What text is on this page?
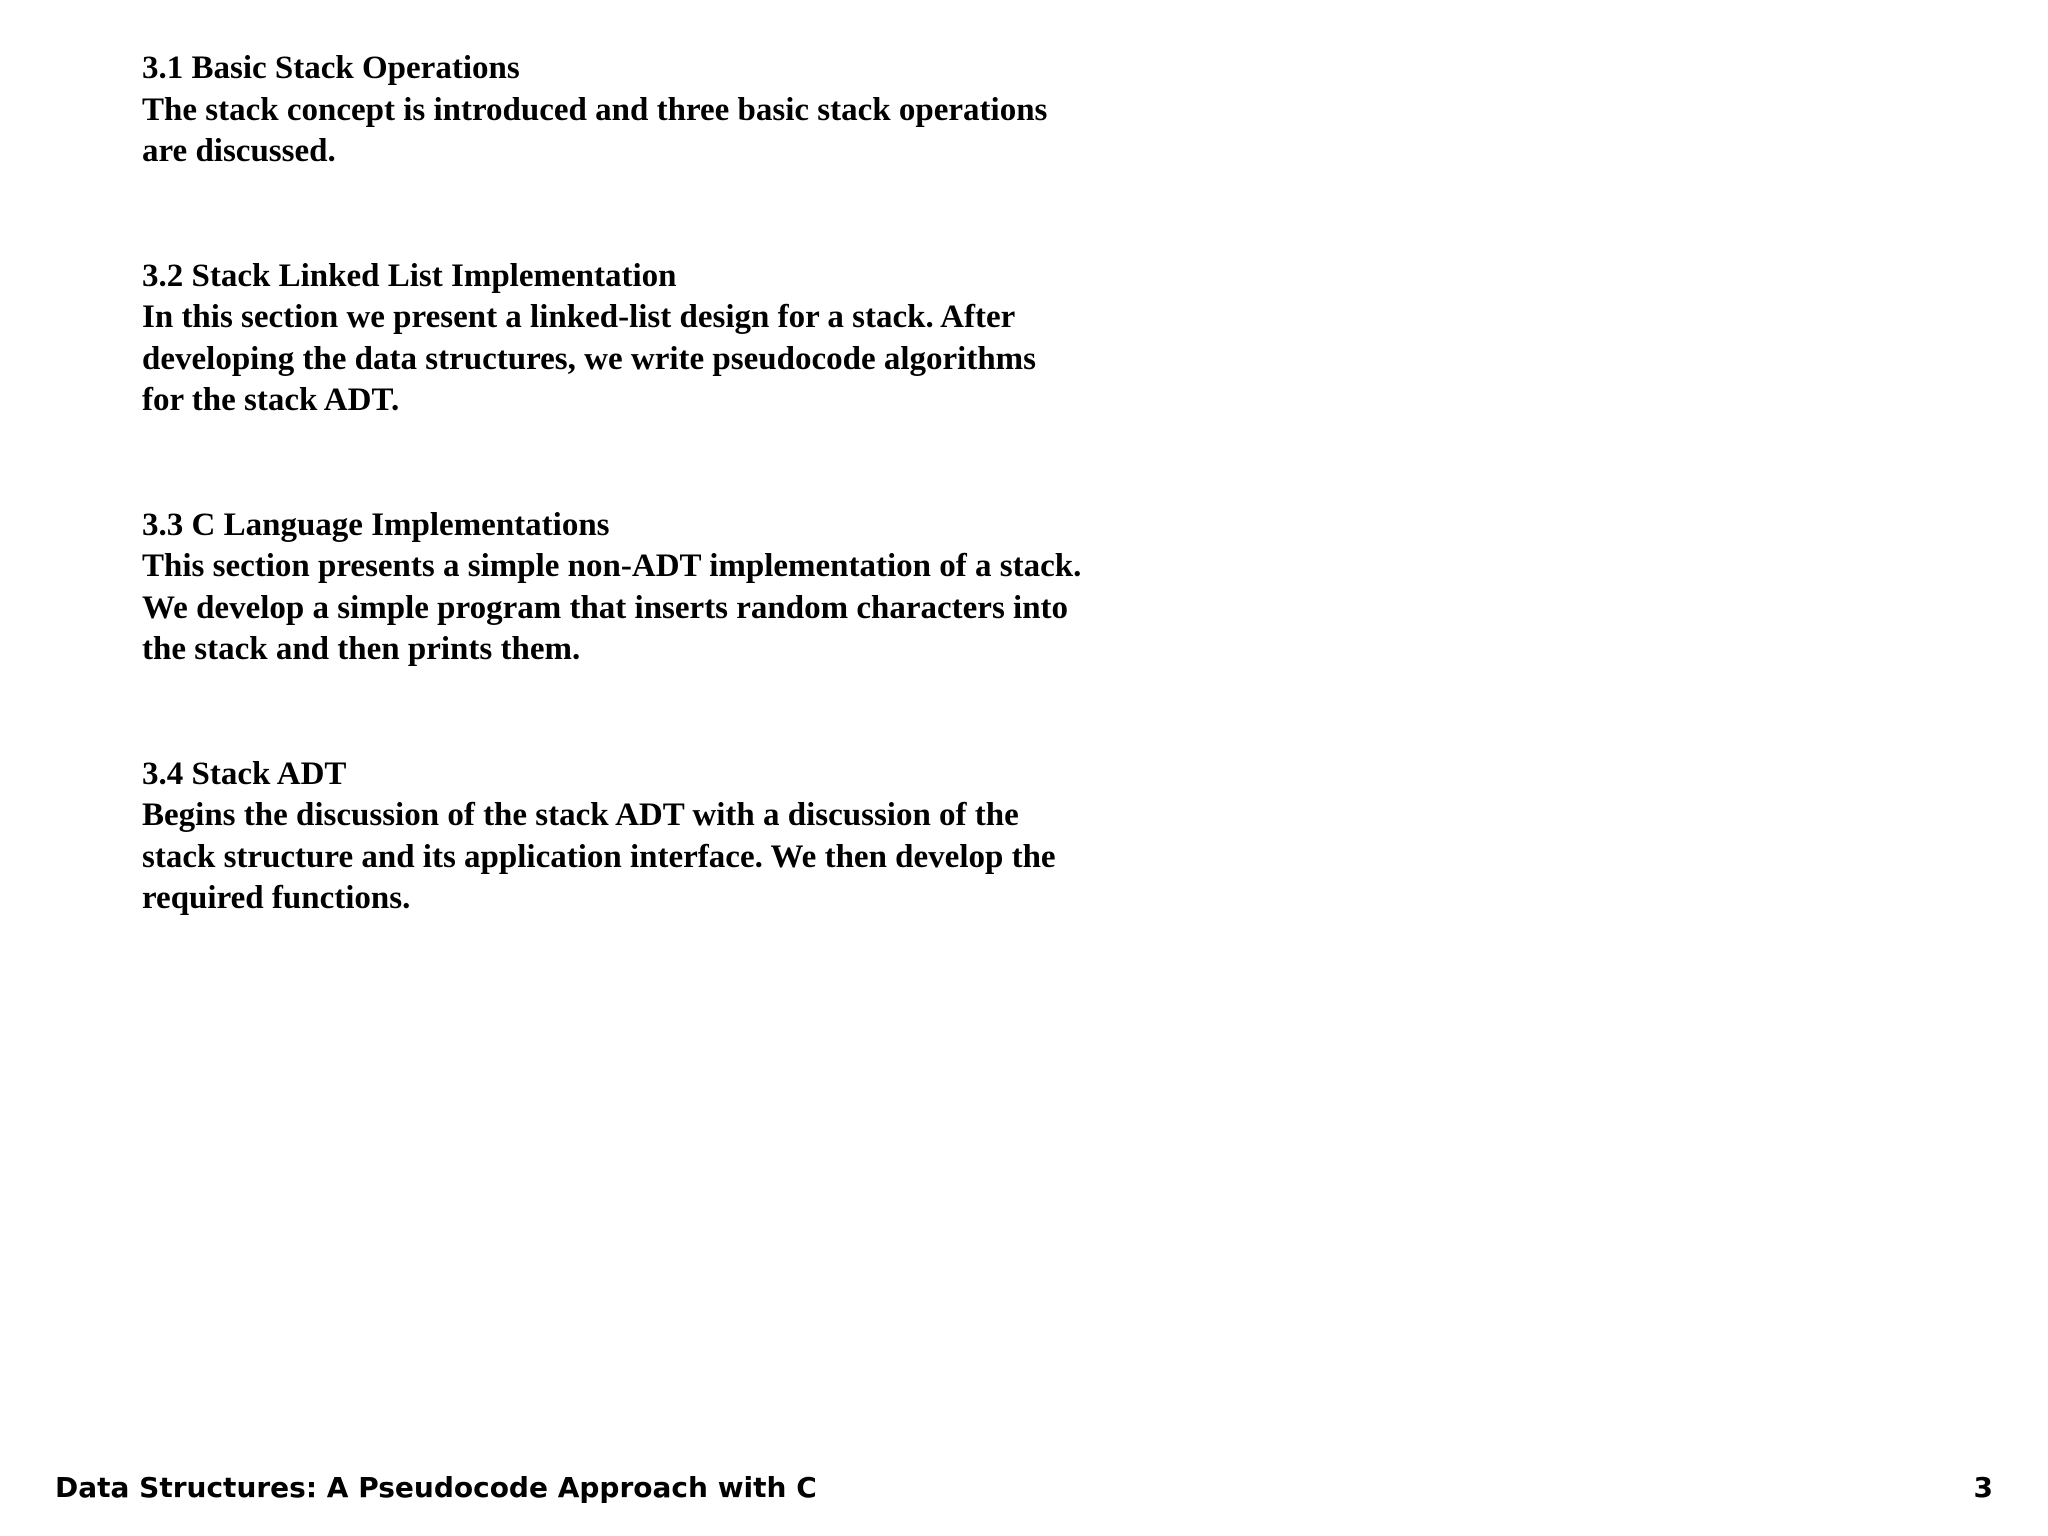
3.1 Basic Stack Operations
The stack concept is introduced and three basic stack operations are discussed.
3.2 Stack Linked List Implementation
In this section we present a linked-list design for a stack. After developing the data structures, we write pseudocode algorithms for the stack ADT.
3.3 C Language Implementations
This section presents a simple non-ADT implementation of a stack. We develop a simple program that inserts random characters into the stack and then prints them.
3.4 Stack ADT
Begins the discussion of the stack ADT with a discussion of the stack structure and its application interface. We then develop the required functions.
Data Structures: A Pseudocode Approach with C	3
